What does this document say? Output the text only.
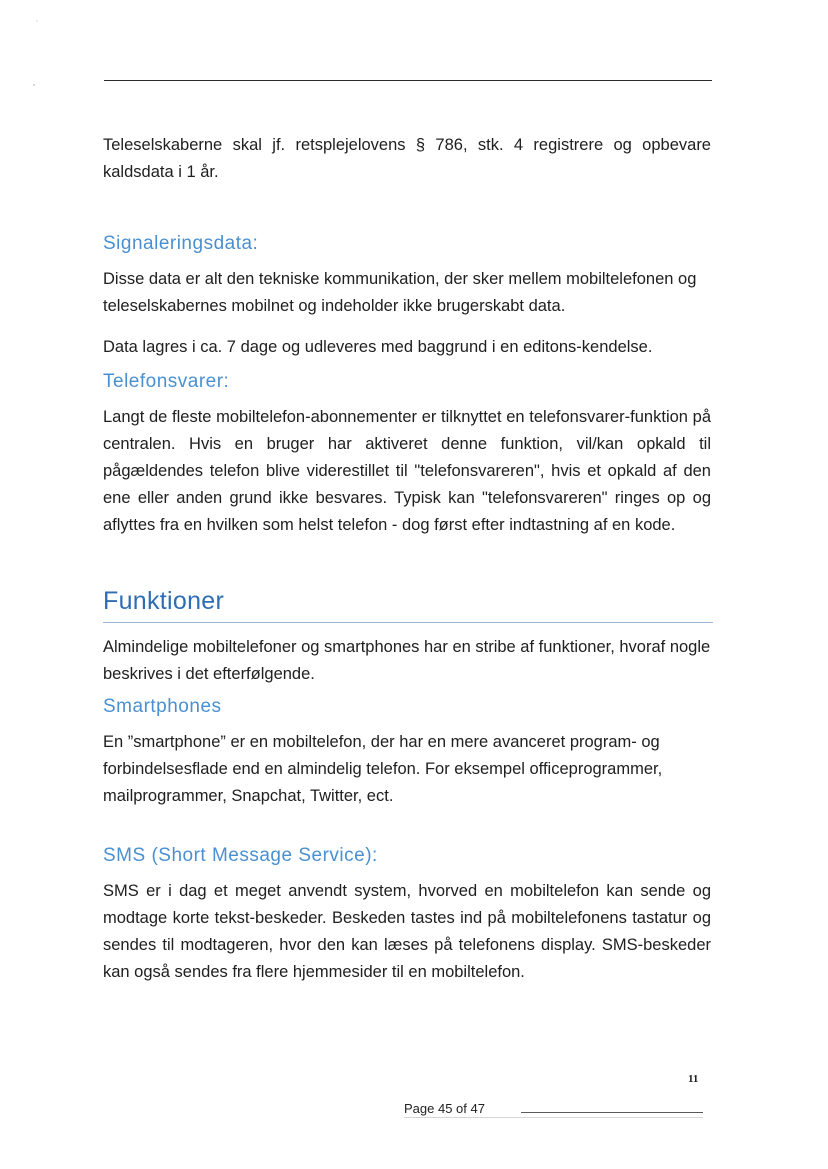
Teleselskaberne skal jf. retsplejelovens § 786, stk. 4 registrere og opbevare kaldsdata i 1 år.

Signaleringsdata:

Disse data er alt den tekniske kommunikation, der sker mellem mobiltelefonen og teleselskabernes mobilnet og indeholder ikke brugerskabt data.

Data lagres i ca. 7 dage og udleveres med baggrund i en editons-kendelse.

Telefonsvarer:

Langt de fleste mobiltelefon-abonnementer er tilknyttet en telefonsvarer-funktion på centralen. Hvis en bruger har aktiveret denne funktion, vil/kan opkald til pågældendes telefon blive viderestillet til "telefonsvareren", hvis et opkald af den ene eller anden grund ikke besvares. Typisk kan "telefonsvareren" ringes op og aflyttes fra en hvilken som helst telefon - dog først efter indtastning af en kode.

Funktioner

Almindelige mobiltelefoner og smartphones har en stribe af funktioner, hvoraf nogle beskrives i det efterfølgende.

Smartphones

En ”smartphone” er en mobiltelefon, der har en mere avanceret program- og forbindelsesflade end en almindelig telefon. For eksempel officeprogrammer, mailprogrammer, Snapchat, Twitter, ect.

SMS (Short Message Service):

SMS er i dag et meget anvendt system, hvorved en mobiltelefon kan sende og modtage korte tekst-beskeder. Beskeden tastes ind på mobiltelefonens tastatur og sendes til modtageren, hvor den kan læses på telefonens display. SMS-beskeder kan også sendes fra flere hjemmesider til en mobiltelefon.

11
Page 45 of 47
